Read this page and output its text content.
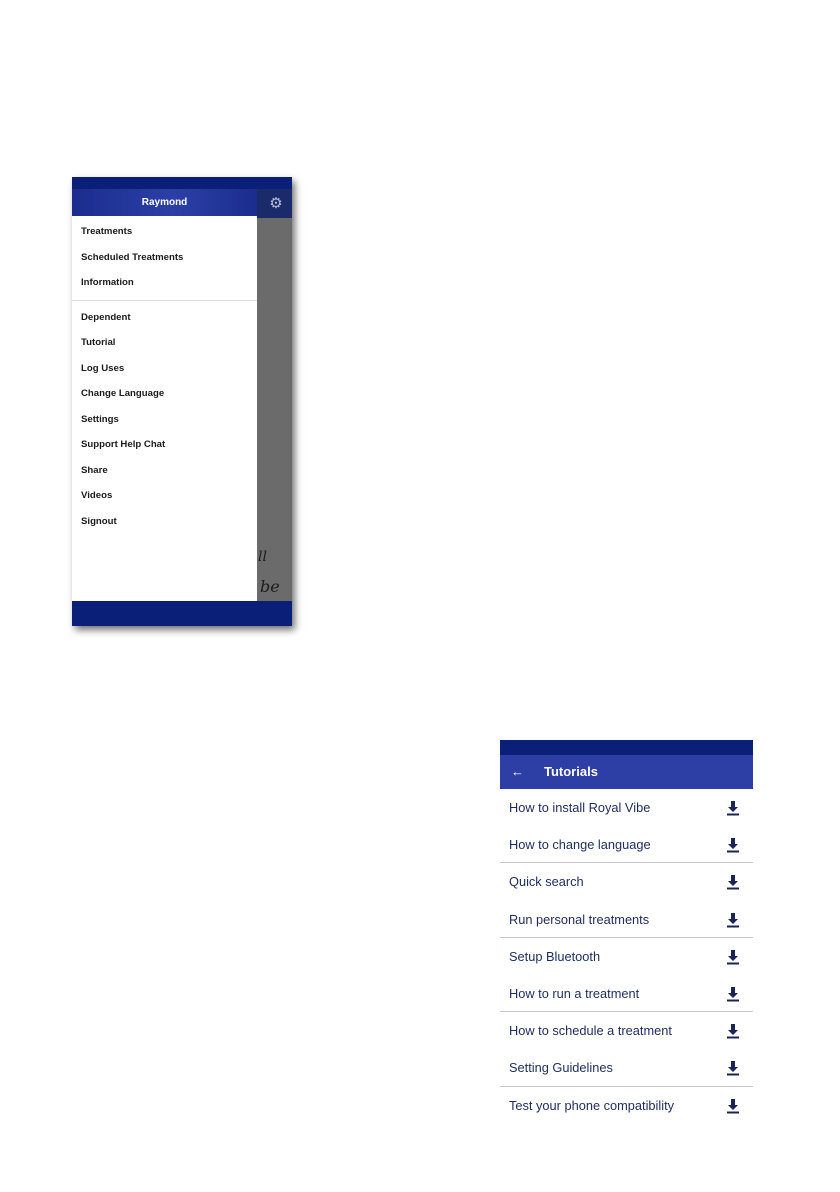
⚙
ll
be
Raymond
Treatments
Scheduled Treatments
Information
Dependent
Tutorial
Log Uses
Change Language
Settings
Support Help Chat
Share
Videos
Signout
← Tutorials
How to install Royal Vibe
How to change language
Quick search
Run personal treatments
Setup Bluetooth
How to run a treatment
How to schedule a treatment
Setting Guidelines
Test your phone compatibility
